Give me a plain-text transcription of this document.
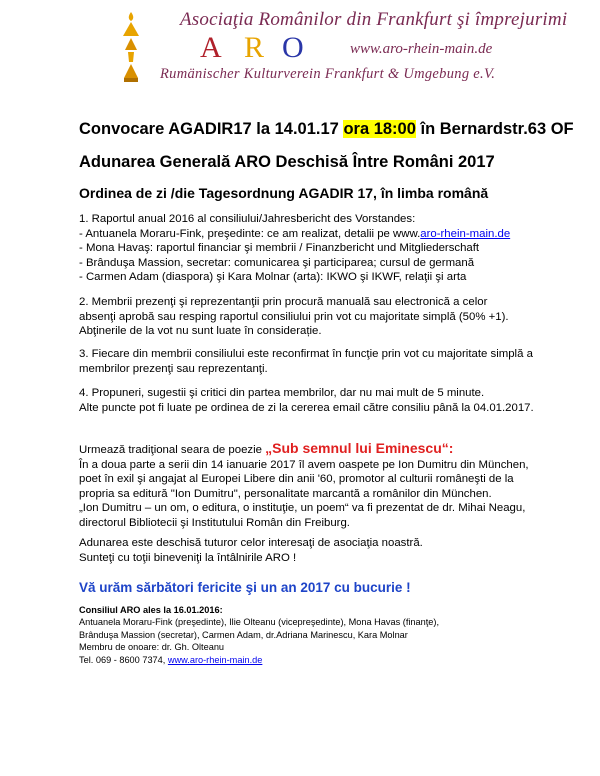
Asociaţia Românilor din Frankfurt şi împrejurimi
A R O	www.aro-rhein-main.de
Rumänischer Kulturverein Frankfurt & Umgebung e.V.
Convocare AGADIR17 la 14.01.17 ora 18:00 în Bernardstr.63 OF
Adunarea Generală ARO Deschisă Între Români 2017
Ordinea de zi /die Tagesordnung AGADIR 17, în limba română
1. Raportul anual 2016 al consiliului/Jahresbericht des Vorstandes:
- Antuanela Moraru-Fink, preşedinte: ce am realizat, detalii pe www.aro-rhein-main.de
- Mona Havaş: raportul financiar şi membrii / Finanzbericht und Mitgliederschaft
- Brânduşa Massion, secretar: comunicarea şi participarea; cursul de germană
- Carmen Adam (diaspora) şi Kara Molnar (arta): IKWO şi IKWF, relaţii şi arta
2. Membrii prezenţi şi reprezentanţii prin procură manuală sau electronică a celor
absenţi aprobă sau resping raportul consiliului prin vot cu majoritate simplă (50% +1).
Abţinerile de la vot nu sunt luate în considerație.
3. Fiecare din membrii consiliului este reconfirmat în funcţie prin vot cu majoritate simplă a
membrilor prezenţi sau reprezentanţi.
4. Propuneri, sugestii şi critici din partea membrilor, dar nu mai mult de 5 minute.
Alte puncte pot fi luate pe ordinea de zi la cererea email către consiliu până la 04.01.2017.
Urmează tradiţional seara de poezie „Sub semnul lui Eminescu“:
În a doua parte a serii din 14 ianuarie 2017 îl avem oaspete pe Ion Dumitru din München,
poet în exil şi angajat al Europei Libere din anii '60, promotor al culturii româneşti de la
propria sa editură "Ion Dumitru", personalitate marcantă a românilor din München.
„Ion Dumitru – un om, o editura, o instituţie, un poem“ va fi prezentat de dr. Mihai Neagu,
directorul Bibliotecii şi Institutului Român din Freiburg.
Adunarea este deschisă tuturor celor interesaţi de asociaţia noastră.
Sunteţi cu toţii bineveniţi la întâlnirile ARO !
Vă urăm sărbători fericite şi un an 2017 cu bucurie !
Consiliul ARO ales la 16.01.2016:
Antuanela Moraru-Fink (preşedinte), Ilie Olteanu (vicepreşedinte), Mona Havas (finanţe),
Brânduşa Massion (secretar), Carmen Adam, dr.Adriana Marinescu, Kara Molnar
Membru de onoare: dr. Gh. Olteanu
Tel. 069 - 8600 7374, www.aro-rhein-main.de
